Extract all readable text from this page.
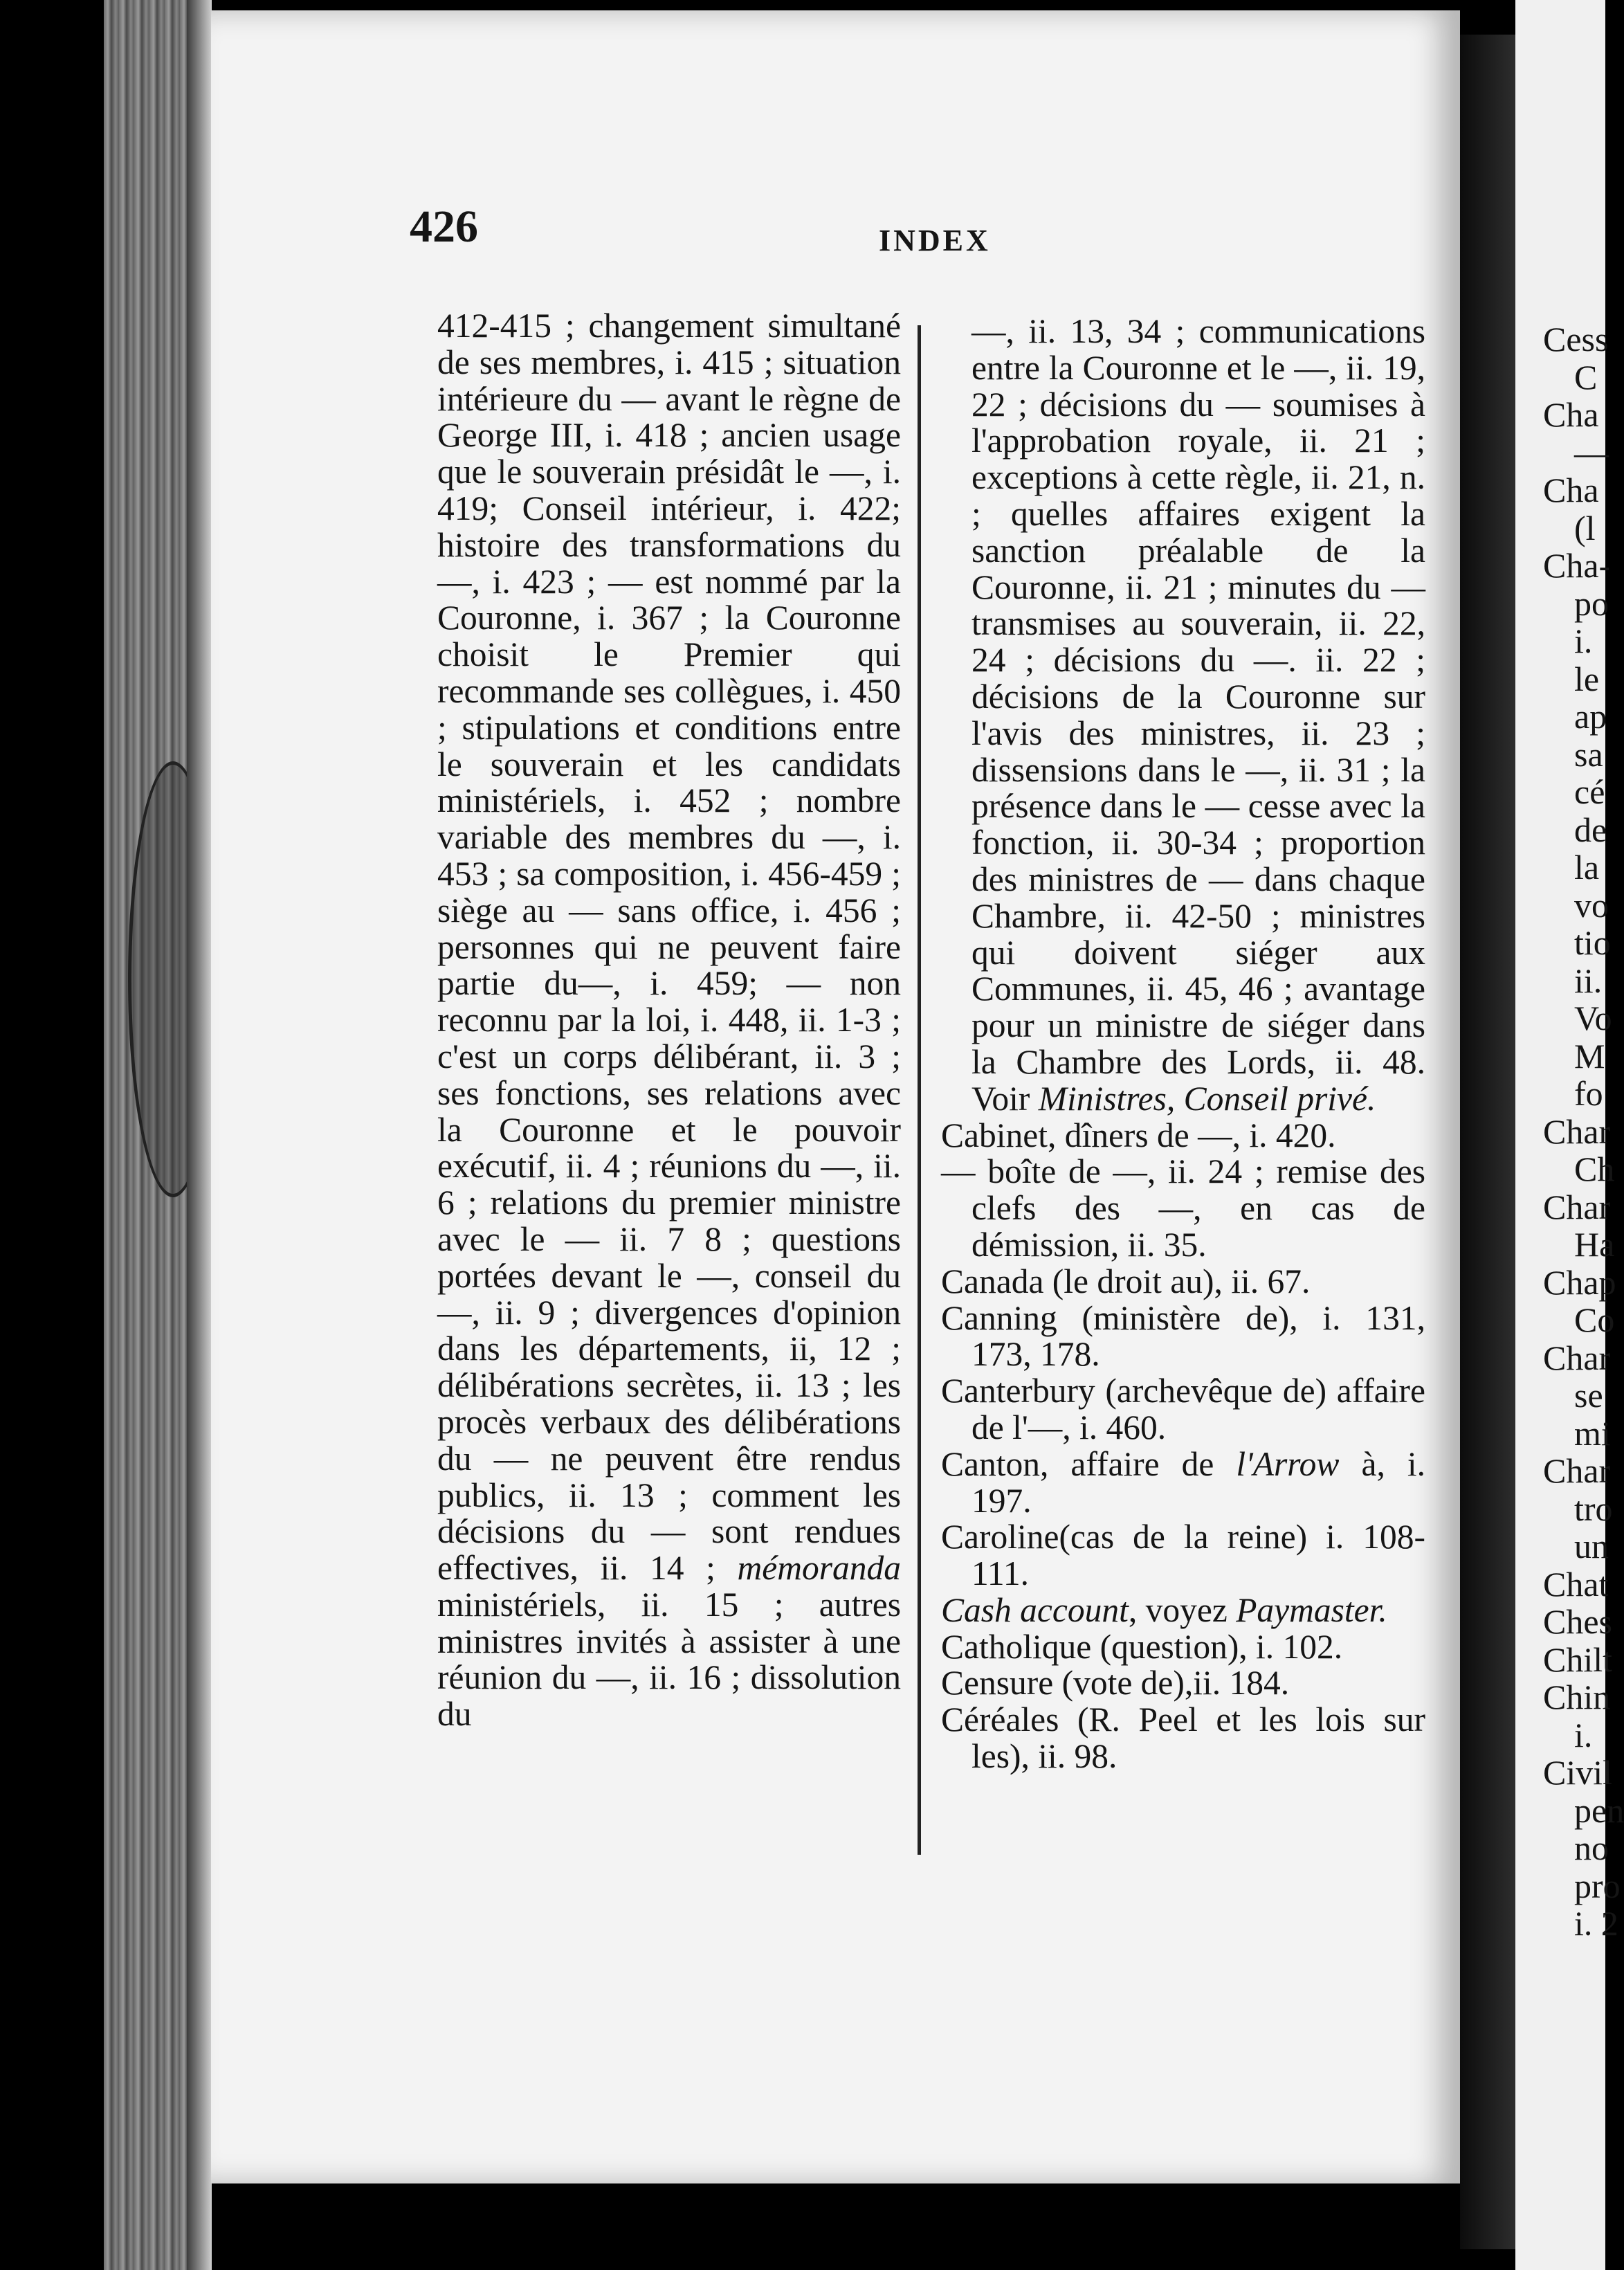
426	INDEX

412-415 ; changement simultané de ses membres, i. 415 ; situation intérieure du — avant le règne de George III, i. 418 ; ancien usage que le souverain présidât le —, i. 419; Conseil intérieur, i. 422; histoire des transformations du —, i. 423 ; — est nommé par la Couronne, i. 367 ; la Couronne choisit le Premier qui recommande ses collègues, i. 450 ; stipulations et conditions entre le souverain et les candidats ministériels, i. 452 ; nombre variable des membres du —, i. 453 ; sa composition, i. 456-459 ; siège au — sans office, i. 456 ; personnes qui ne peuvent faire partie du—, i. 459; — non reconnu par la loi, i. 448, ii. 1-3 ; c'est un corps délibérant, ii. 3 ; ses fonctions, ses relations avec la Couronne et le pouvoir exécutif, ii. 4 ; réunions du —, ii. 6 ; relations du premier ministre avec le — ii. 7 8 ; questions portées devant le —, conseil du —, ii. 9 ; divergences d'opinion dans les départements, ii, 12 ; délibérations secrètes, ii. 13 ; les procès verbaux des délibérations du — ne peuvent être rendus publics, ii. 13 ; comment les décisions du — sont rendues effectives, ii. 14 ; mémoranda ministériels, ii. 15 ; autres ministres invités à assister à une réunion du —, ii. 16 ; dissolution du

—, ii. 13, 34 ; communications entre la Couronne et le —, ii. 19, 22 ; décisions du — soumises à l'approbation royale, ii. 21 ; exceptions à cette règle, ii. 21, n. ; quelles affaires exigent la sanction préalable de la Couronne, ii. 21 ; minutes du — transmises au souverain, ii. 22, 24 ; décisions du —. ii. 22 ; décisions de la Couronne sur l'avis des ministres, ii. 23 ; dissensions dans le —, ii. 31 ; la présence dans le — cesse avec la fonction, ii. 30-34 ; proportion des ministres de — dans chaque Chambre, ii. 42-50 ; ministres qui doivent siéger aux Communes, ii. 45, 46 ; avantage pour un ministre de siéger dans la Chambre des Lords, ii. 48. Voir Ministres, Conseil privé.

Cabinet, dîners de —, i. 420.

— boîte de —, ii. 24 ; remise des clefs des —, en cas de démission, ii. 35.

Canada (le droit au), ii. 67.

Canning (ministère de), i. 131, 173, 178.

Canterbury (archevêque de) affaire de l'—, i. 460.

Canton, affaire de l'Arrow à, i. 197.

Caroline(cas de la reine) i. 108-111.

Cash account, voyez Paymaster.

Catholique (question), i. 102.

Censure (vote de),ii. 184.

Céréales (R. Peel et les lois sur les), ii. 98.

Cess
C
Cha
—
Cha
(l
Cha-
po
i.
le
ap
sa
cé
de
la
vo
tio
ii.
Vo
M
fo
Char
Ch
Char
Ha
Chap
Co
Char
se
mi
Char
tro
un
Chat
Ches
Chilt
Chin
i.
Civil
pen
no
pro
i. 2
